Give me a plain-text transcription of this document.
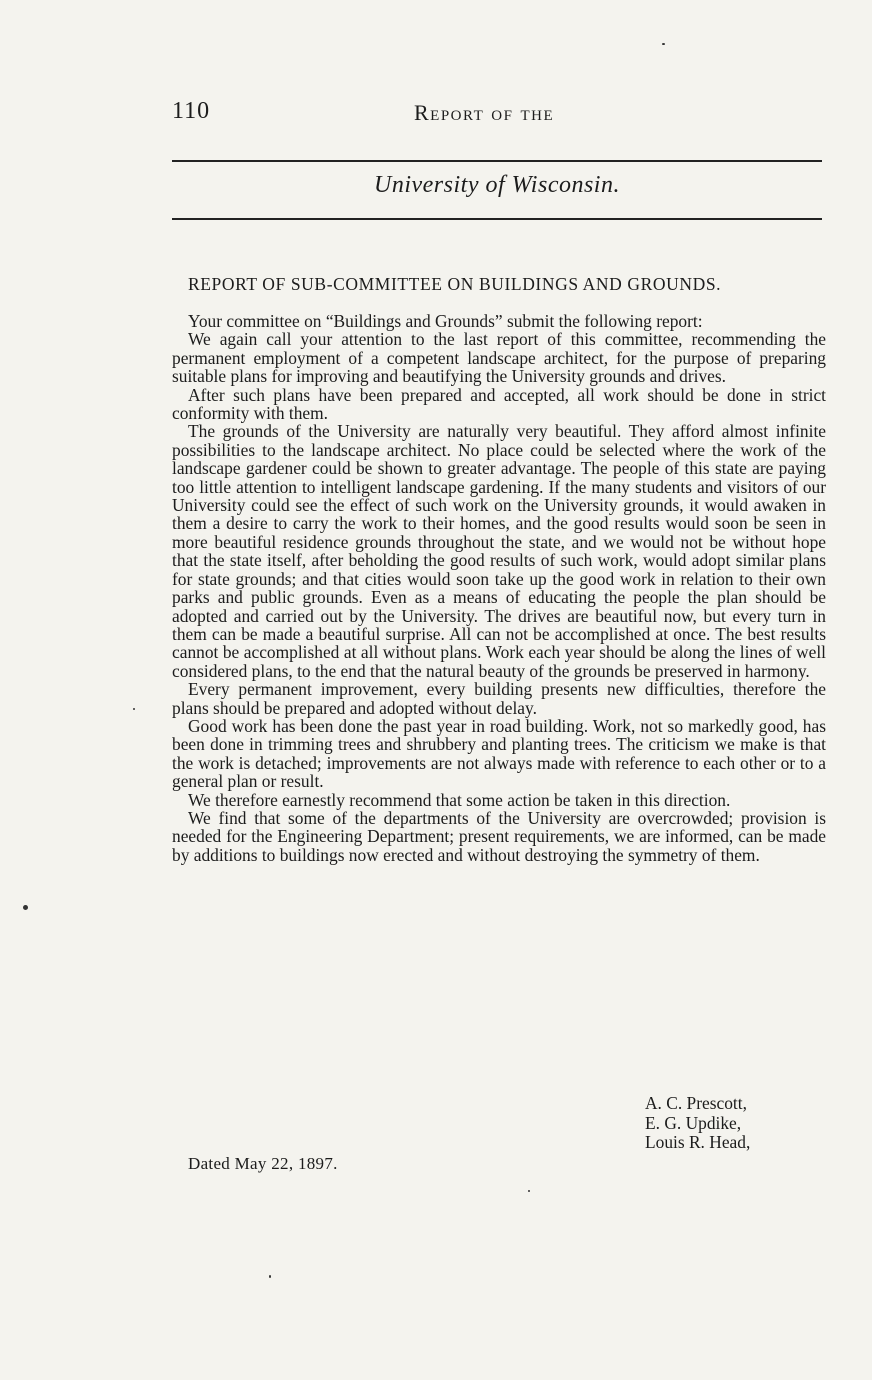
110	Report of the
University of Wisconsin.
REPORT OF SUB-COMMITTEE ON BUILDINGS AND GROUNDS.

Your committee on “Buildings and Grounds” submit the following report:

We again call your attention to the last report of this committee, recommending the permanent employment of a competent landscape architect, for the purpose of preparing suitable plans for improving and beautifying the University grounds and drives.

After such plans have been prepared and accepted, all work should be done in strict conformity with them.

The grounds of the University are naturally very beautiful. They afford almost infinite possibilities to the landscape architect. No place could be selected where the work of the landscape gardener could be shown to greater advantage. The people of this state are paying too little attention to intelligent landscape gardening. If the many students and visitors of our University could see the effect of such work on the University grounds, it would awaken in them a desire to carry the work to their homes, and the good results would soon be seen in more beautiful residence grounds throughout the state, and we would not be without hope that the state itself, after beholding the good results of such work, would adopt similar plans for state grounds; and that cities would soon take up the good work in relation to their own parks and public grounds. Even as a means of educating the people the plan should be adopted and carried out by the University. The drives are beautiful now, but every turn in them can be made a beautiful surprise. All can not be accomplished at once. The best results cannot be accomplished at all without plans. Work each year should be along the lines of well considered plans, to the end that the natural beauty of the grounds be preserved in harmony.

Every permanent improvement, every building presents new difficulties, therefore the plans should be prepared and adopted without delay.

Good work has been done the past year in road building. Work, not so markedly good, has been done in trimming trees and shrubbery and planting trees. The criticism we make is that the work is detached; improvements are not always made with reference to each other or to a general plan or result.

We therefore earnestly recommend that some action be taken in this direction.

We find that some of the departments of the University are overcrowded; provision is needed for the Engineering Department; present requirements, we are informed, can be made by additions to buildings now erected and without destroying the symmetry of them.

A. C. Prescott,
E. G. Updike,
Louis R. Head,
Dated May 22, 1897.
